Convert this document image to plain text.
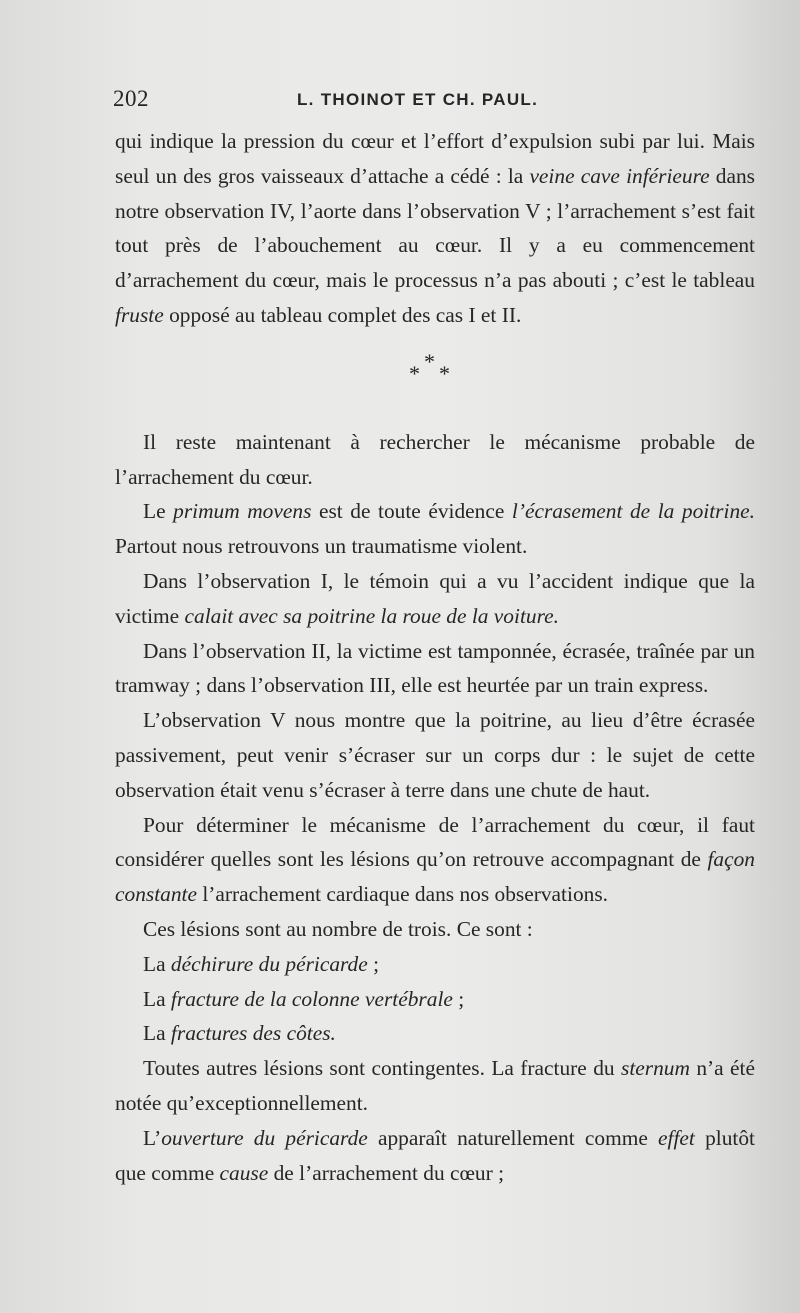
202	L. THOINOT ET CH. PAUL.

qui indique la pression du cœur et l’effort d’expulsion subi par lui. Mais seul un des gros vaisseaux d’attache a cédé : la veine cave inférieure dans notre observation IV, l’aorte dans l’observation V ; l’arrachement s’est fait tout près de l’abouchement au cœur. Il y a eu commencement d’arrachement du cœur, mais le processus n’a pas abouti ; c’est le tableau fruste opposé au tableau complet des cas I et II.

*
* *

Il reste maintenant à rechercher le mécanisme probable de l’arrachement du cœur.

Le primum movens est de toute évidence l’écrasement de la poitrine. Partout nous retrouvons un traumatisme violent.

Dans l’observation I, le témoin qui a vu l’accident indique que la victime calait avec sa poitrine la roue de la voiture.

Dans l’observation II, la victime est tamponnée, écrasée, traînée par un tramway ; dans l’observation III, elle est heurtée par un train express.

L’observation V nous montre que la poitrine, au lieu d’être écrasée passivement, peut venir s’écraser sur un corps dur : le sujet de cette observation était venu s’écraser à terre dans une chute de haut.

Pour déterminer le mécanisme de l’arrachement du cœur, il faut considérer quelles sont les lésions qu’on retrouve accompagnant de façon constante l’arrachement cardiaque dans nos observations.

Ces lésions sont au nombre de trois. Ce sont :

La déchirure du péricarde ;

La fracture de la colonne vertébrale ;

La fractures des côtes.

Toutes autres lésions sont contingentes. La fracture du sternum n’a été notée qu’exceptionnellement.

L’ouverture du péricarde apparaît naturellement comme effet plutôt que comme cause de l’arrachement du cœur ;
